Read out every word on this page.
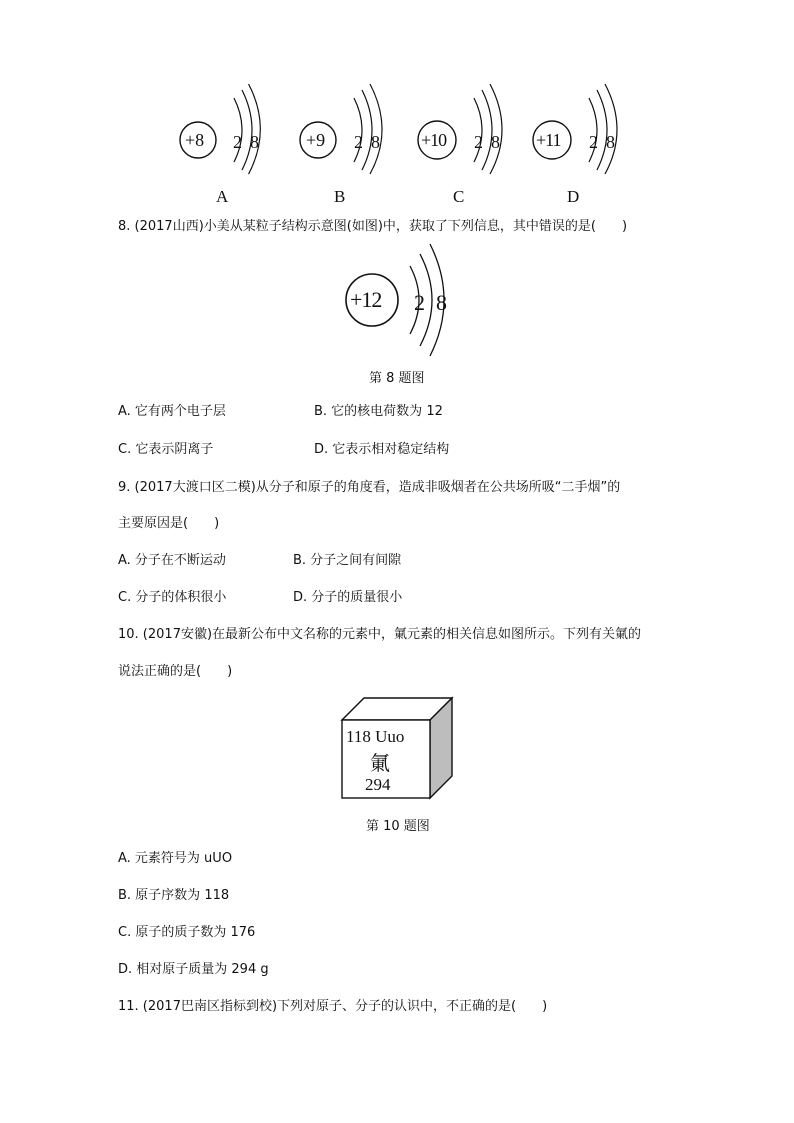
+8 2 8
A
+9 2 8
B
+10 2 8
C
+11 2 8
D
8. (2017山西)小美从某粒子结构示意图(如图)中，获取了下列信息，其中错误的是(　　)
+12 2 8
第 8 题图
A. 它有两个电子层	B. 它的核电荷数为 12
C. 它表示阴离子	D. 它表示相对稳定结构
9. (2017大渡口区二模)从分子和原子的角度看，造成非吸烟者在公共场所吸“二手烟”的
主要原因是(　　)
A. 分子在不断运动	B. 分子之间有间隙
C. 分子的体积很小	D. 分子的质量很小
10. (2017安徽)在最新公布中文名称的元素中，氭元素的相关信息如图所示。下列有关氭的
说法正确的是(　　)
118 Uuo
氭
294
第 10 题图
A. 元素符号为 uUO
B. 原子序数为 118
C. 原子的质子数为 176
D. 相对原子质量为 294 g
11. (2017巴南区指标到校)下列对原子、分子的认识中，不正确的是(　　)
